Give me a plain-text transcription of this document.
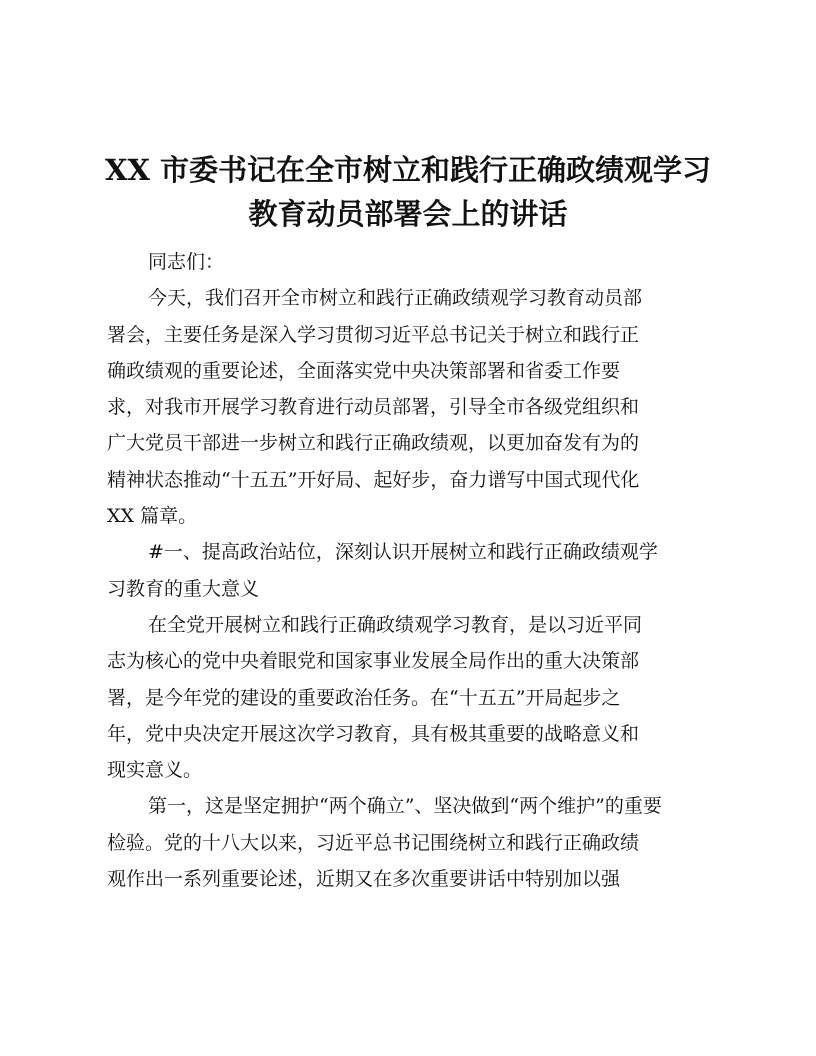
XX 市委书记在全市树立和践行正确政绩观学习
教育动员部署会上的讲话
同志们：
今天，我们召开全市树立和践行正确政绩观学习教育动员部
署会，主要任务是深入学习贯彻习近平总书记关于树立和践行正
确政绩观的重要论述，全面落实党中央决策部署和省委工作要
求，对我市开展学习教育进行动员部署，引导全市各级党组织和
广大党员干部进一步树立和践行正确政绩观，以更加奋发有为的
精神状态推动“十五五”开好局、起好步，奋力谱写中国式现代化
XX 篇章。
#一、提高政治站位，深刻认识开展树立和践行正确政绩观学
习教育的重大意义
在全党开展树立和践行正确政绩观学习教育，是以习近平同
志为核心的党中央着眼党和国家事业发展全局作出的重大决策部
署，是今年党的建设的重要政治任务。在“十五五”开局起步之
年，党中央决定开展这次学习教育，具有极其重要的战略意义和
现实意义。
第一，这是坚定拥护“两个确立”、坚决做到“两个维护”的重要
检验。党的十八大以来，习近平总书记围绕树立和践行正确政绩
观作出一系列重要论述，近期又在多次重要讲话中特别加以强
